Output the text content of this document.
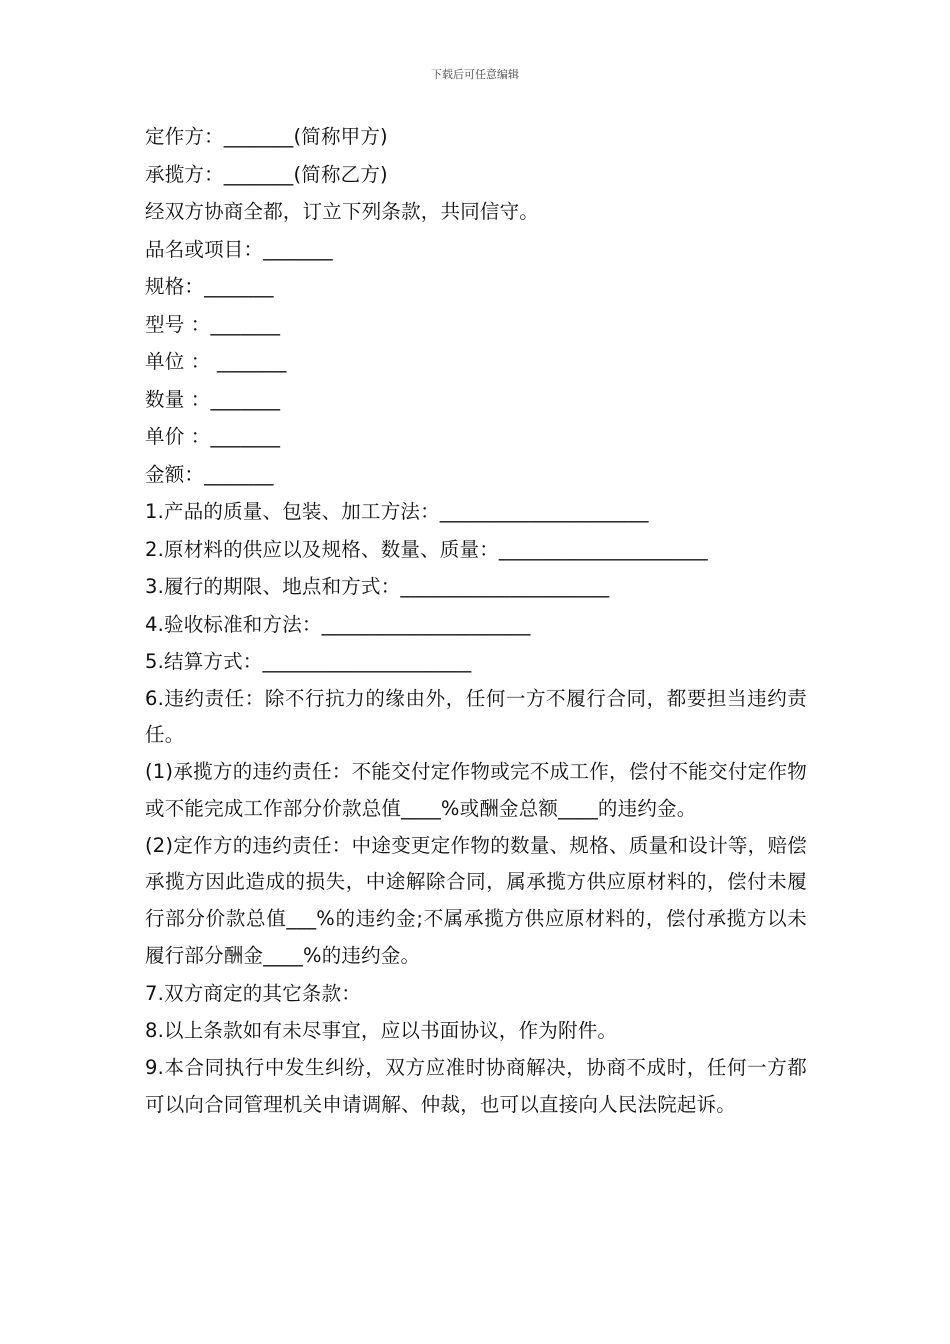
下载后可任意编辑
定作方：_______(简称甲方)
承揽方：_______(简称乙方)
经双方协商全都，订立下列条款，共同信守。
品名或项目：_______
规格：_______
型号 ：_______
单位 ： _______
数量 ：_______
单价 ：_______
金额：_______
1.产品的质量、包装、加工方法：_____________________
2.原材料的供应以及规格、数量、质量：_____________________
3.履行的期限、地点和方式：_____________________
4.验收标准和方法：_____________________
5.结算方式：_____________________
6.违约责任：除不行抗力的缘由外，任何一方不履行合同，都要担当违约责任。
(1)承揽方的违约责任：不能交付定作物或完不成工作，偿付不能交付定作物或不能完成工作部分价款总值____%或酬金总额____的违约金。
(2)定作方的违约责任：中途变更定作物的数量、规格、质量和设计等，赔偿承揽方因此造成的损失，中途解除合同，属承揽方供应原材料的，偿付未履行部分价款总值___%的违约金;不属承揽方供应原材料的，偿付承揽方以未履行部分酬金____%的违约金。
7.双方商定的其它条款：
8.以上条款如有未尽事宜，应以书面协议，作为附件。
9.本合同执行中发生纠纷，双方应准时协商解决，协商不成时，任何一方都可以向合同管理机关申请调解、仲裁，也可以直接向人民法院起诉。
